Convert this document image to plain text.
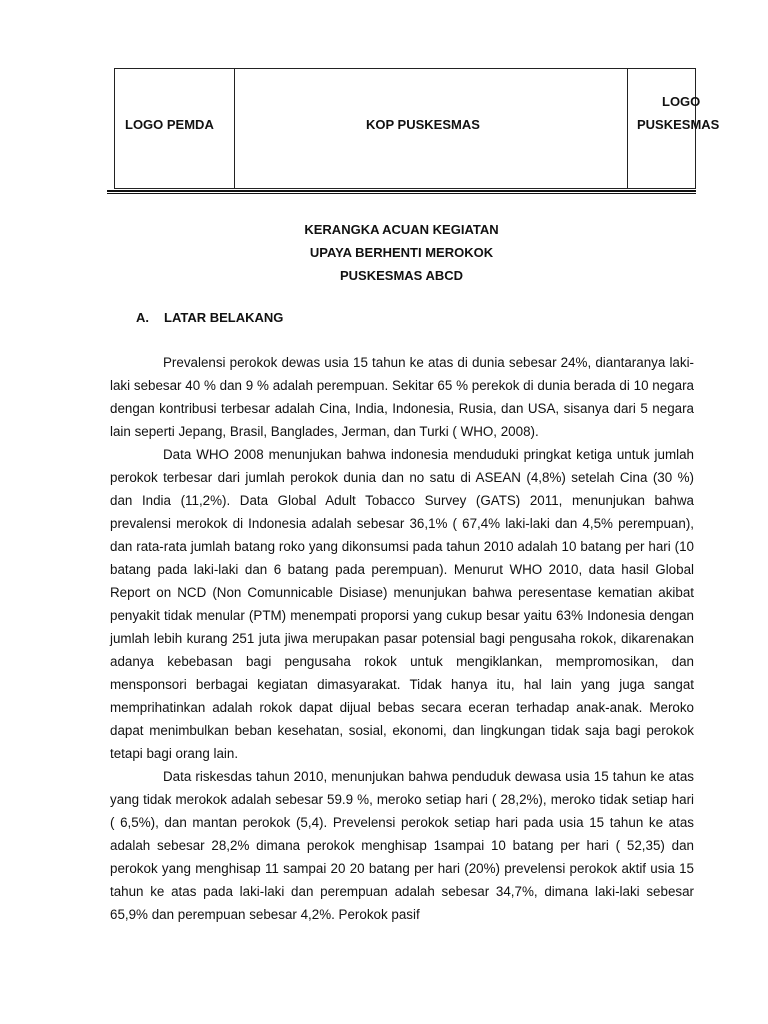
LOGO PEMDA	KOP PUSKESMAS
LOGO
PUSKESMAS
KERANGKA ACUAN KEGIATAN
UPAYA BERHENTI MEROKOK
PUSKESMAS ABCD
A. LATAR BELAKANG

Prevalensi perokok dewas usia 15 tahun ke atas di dunia sebesar 24%, diantaranya laki-laki sebesar 40 % dan 9 % adalah perempuan. Sekitar 65 % perekok di dunia berada di 10 negara dengan kontribusi terbesar adalah Cina, India, Indonesia, Rusia, dan USA, sisanya dari 5 negara lain seperti Jepang, Brasil, Banglades, Jerman, dan Turki ( WHO, 2008).

Data WHO 2008 menunjukan bahwa indonesia menduduki pringkat ketiga untuk jumlah perokok terbesar dari jumlah perokok dunia dan no satu di ASEAN (4,8%) setelah Cina (30 %) dan India (11,2%). Data Global Adult Tobacco Survey (GATS) 2011, menunjukan bahwa prevalensi merokok di Indonesia adalah sebesar 36,1% ( 67,4% laki-laki dan 4,5% perempuan), dan rata-rata jumlah batang roko yang dikonsumsi pada tahun 2010 adalah 10 batang per hari (10 batang pada laki-laki dan 6 batang pada perempuan). Menurut WHO 2010, data hasil Global Report on NCD (Non Comunnicable Disiase) menunjukan bahwa peresentase kematian akibat penyakit tidak menular (PTM) menempati proporsi yang cukup besar yaitu 63% Indonesia dengan jumlah lebih kurang 251 juta jiwa merupakan pasar potensial bagi pengusaha rokok, dikarenakan adanya kebebasan bagi pengusaha rokok untuk mengiklankan, mempromosikan, dan mensponsori berbagai kegiatan dimasyarakat. Tidak hanya itu, hal lain yang juga sangat memprihatinkan adalah rokok dapat dijual bebas secara eceran terhadap anak-anak. Meroko dapat menimbulkan beban kesehatan, sosial, ekonomi, dan lingkungan tidak saja bagi perokok tetapi bagi orang lain.

Data riskesdas tahun 2010, menunjukan bahwa penduduk dewasa usia 15 tahun ke atas yang tidak merokok adalah sebesar 59.9 %, meroko setiap hari ( 28,2%), meroko tidak setiap hari ( 6,5%), dan mantan perokok (5,4). Prevelensi perokok setiap hari pada usia 15 tahun ke atas adalah sebesar 28,2% dimana perokok menghisap 1sampai 10 batang per hari ( 52,35) dan perokok yang menghisap 11 sampai 20 20 batang per hari (20%) prevelensi perokok aktif usia 15 tahun ke atas pada laki-laki dan perempuan adalah sebesar 34,7%, dimana laki-laki sebesar 65,9% dan perempuan sebesar 4,2%. Perokok pasif
